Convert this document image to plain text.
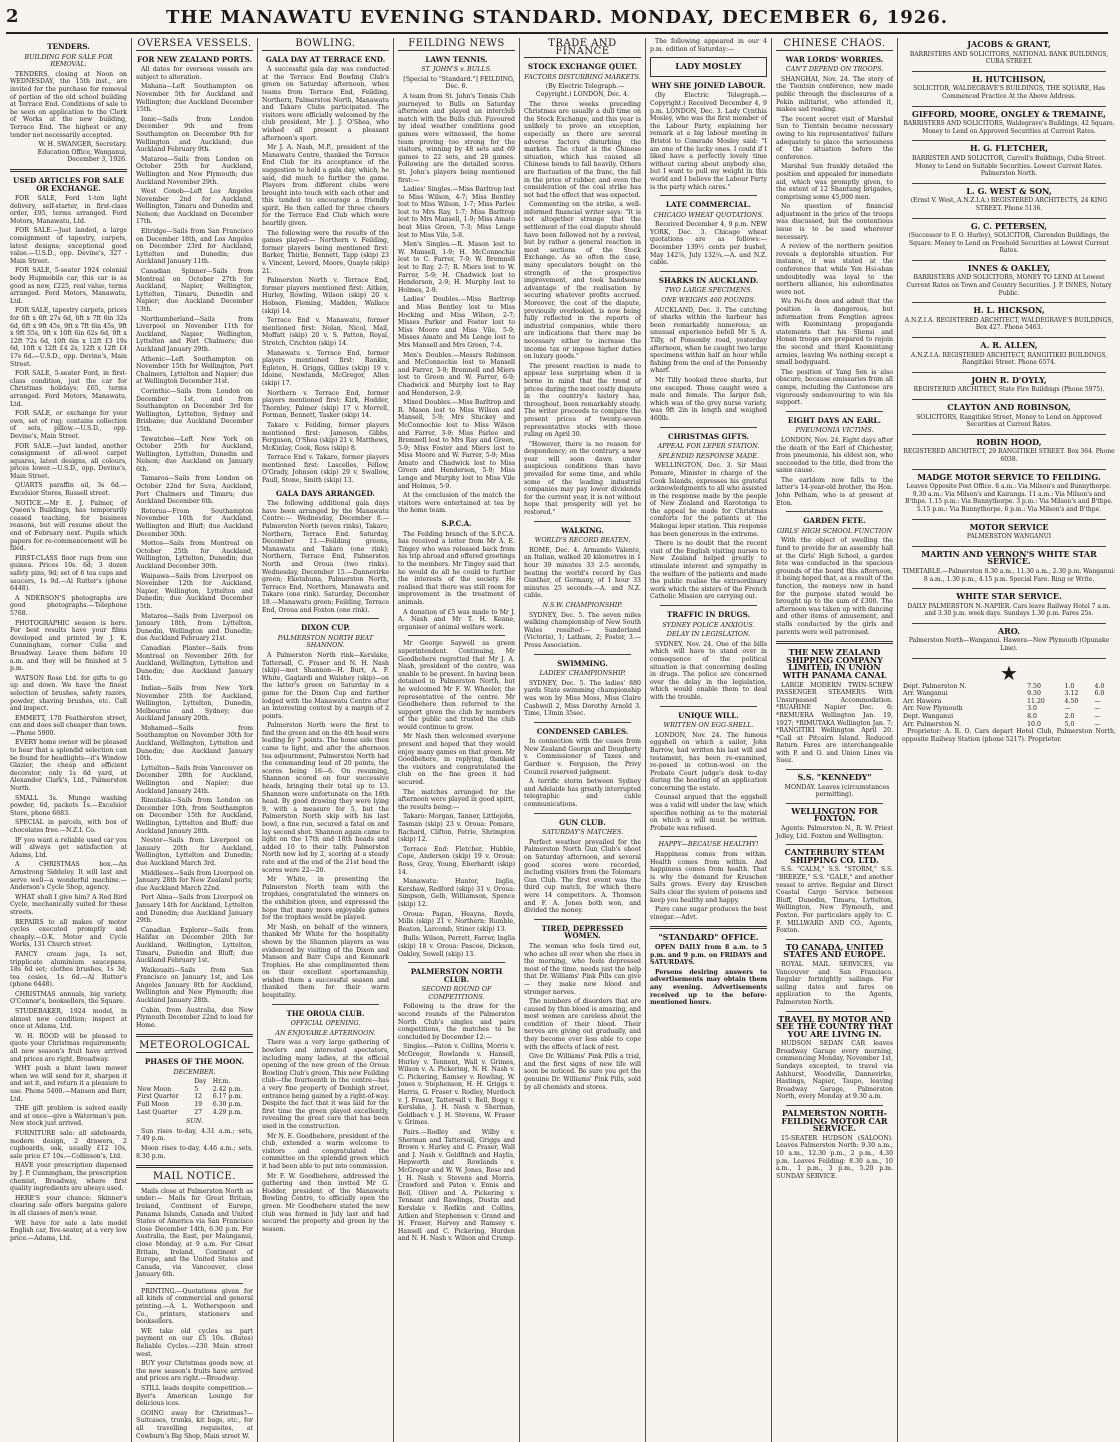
2	THE MANAWATU EVENING STANDARD. MONDAY, DECEMBER 6, 1926.
TENDERS.
BUILDING FOR SALE FOR REMOVAL.

TENDERS, closing at Noon on WEDNESDAY, the 15th inst., are invited for the purchase for removal of portion of the old school building at Terrace End. Conditions of sale to be seen on application to the Clerk of Works at the new building, Terrace End. The highest or any tender not necessarily accepted.

W. H. SWANGER, Secretary. Education Office, Wanganui, December 3, 1926.

USED ARTICLES FOR SALE OR EXCHANGE.

FOR SALE, Ford 1-ton light delivery, self-starter, in first-class order, £95, terms arranged. Ford Motors, Manawatu, Ltd.

FOR SALE.—Just landed, a large consignment of tapestry, carpets, latest designs; exceptional good value.—U.S.D., opp. Devine's, 327 - Main Street.

FOR SALE, 5-seater 1924 colonial body Hupmobile car, this car is as good as new, £225, real value, terms arranged. Ford Motors, Manawatu, Ltd.

FOR SALE, tapestry carpets, prices for 6ft x 6ft 27s 6d, 6ft x 7ft 6in 32s 6d, 6ft x 9ft 45s, 9ft x 7ft 6in 45s, 9ft x 9ft 55s, 9ft x 10ft 6in 62s 6d, 9ft x 12ft 72s 6d, 10ft 6in x 12ft £3 19s 6d, 10ft x 12ft £4 2s, 12ft x 12ft £4 17s 6d.—U.S.D., opp. Devine's, Main Street.

FOR SALE, 5-seater Ford, in first-class condition, just the car for Christmas holidays; £65, terms arranged. Ford Motors, Manawatu, Ltd.

FOR SALE, or exchange for your own, set of rug; contains collection of sets, pillow.—U.S.D., opp. Devine's, Main Street.

FOR SALE.—Just landed, another consignment of all-wool carpet squares, latest designs, all colours, prices lower.—U.S.D., opp. Devine's, Main Street.

QUARTS paraffin oil, 3s 6d.—Excelsior Stores, Russell street.

NOTICE.—Mr E. J. Palmer, of Queen's Buildings, has temporarily ceased teaching, for business reasons, but will resume about the end of February next. Pupils which papers for re-commencement will be filed.

FIRST-CLASS floor rugs from one guinea. Prices 10s. 6d; 3 dozen safety pins, 9d; set of 6 tea cups and saucers, 1s 9d.—Al Rutter's (phone 6448).

A NDERSON'S photographs are good photographs.—Telephone 5768.

PHOTOGRAPHIC season is here. For best results have your films developed and printed by J. K. Cunningham, corner Cuba and Broadway. Leave them before 10 a.m. and they will be finished at 5 p.m.

WATSON Rose Ltd. for gifts to go up and down. We have the finest selection of brushes, safety razors, powder, shaving brushes, etc. Call and inspect.

EMMETT, 170 Featherston street, can and does sell cheaper than town.—Phone 5900.

EVERY home owner will be pleased to hear that a splendid selection can be found for headlights—it's Window Glazier, the cheap and efficient decorator, only 1s 6d yard, at Alexander Clark's, Ltd., Palmerston North.

SMALL 3s. Mungo washing powder, 6d, packets 1s.—Excelsior Store, phone 6683.

SPECIAL in parcels, with box of chocolates free.—N.Z.I. Co.

IF you want a reliable used car you will always get satisfaction at Adams, Ltd.

A CHRISTMAS box.—An Armstrong Siddeley. It will last and serve well—a wonderful machine.—Anderson's Cycle Shop, agency.

WHAT shall I give him? A Red Bird Cycle, mechanically suited for these streets.

REPAIRS to all makes of motor cycles executed promptly and cheaply.—O.K. Motor and Cycle Works, 131 Church street.

FANCY cream jugs, 1s set, tripplicate aluminium saucepans, 18s 6d set; clothes brushes, 1s 3d; tea cosies, 1s 6d.—Al Rutter's (phone 6448).

CHRISTMAS annuals, big variety. O'Connor's, booksellers, the Square.

STUDEBAKER, 1924 model, in almost new condition; inspect at once at Adams, Ltd.

W. H. ROOD will be pleased to quote your Christmas requirements; all new season's fruit have arrived and prices are right. Broadway.

WHY push a blunt lawn mower when we will send for it, sharpen it and set it, and return it a pleasure to use. Phone 5400.—Manson and Barr, Ltd.

THE gift problem is solved easily and at once—give a Waterman's pen. New stock just arrived.

FURNITURE sale: all sideboards, modern design, 2 drawers, 2 cupboards, oak, usually £12 10s, sale price £7 10s.—Collinson's, Ltd.

HAVE your prescription dispensed by J. P. Cunningham, the prescription chemist, Broadway, where first quality ingredients are always used.

HERE'S your chance: Skinner's clearing sale offers bargains galore in all classes of men's wear.

WE have for sale a late model English car, five-seater, at a very low price.—Adams, Ltd.

OVERSEA VESSELS.
FOR NEW ZEALAND PORTS.

All dates for overseas vessels are subject to alteration.

Mahana—Left Southampton on November 5th for Auckland and Wellington; due Auckland December 15th.

Ionic—Sails from London December 9th and from Southampton on December 9th for Wellington and Auckland; due Auckland February 9th.

Mataroa—Sails from London on October 25th for Auckland, Wellington and New Plymouth; due Auckland November 29th.

West Conob—Left Los Angeles November 2nd for Auckland, Wellington, Timaru and Dunedin and Nelson; due Auckland on December 17th.

Eltridge—Sails from San Francisco on December 18th, and Los Angeles on December 23rd for Auckland, Lyttelton and Dunedin; due Auckland January 11th.

Canadian Spinner—Sails from Montreal on October 27th for Auckland, Napier, Wellington, Lyttelton, Timaru, Dunedin and Napier; due Auckland December 13th.

Northumberland—Sails from Liverpool on November 11th for Auckland, Napier, Wellington, Lyttelton and Port Chalmers; due Auckland January 29th.

Athenic—Left Southampton on November 15th for Wellington, Port Chalmers, Lyttelton and Napier; due at Wellington December 31st.

Corinthic—Sails from London on December 1st, and from Southampton on December 3rd for Wellington, Lyttelton, Sydney and Brisbane; due Auckland December 15th.

Tewatchee—Left New York on October 25th for Auckland, Wellington, Lyttelton, Dunedin and Nelson; due Auckland on January 6th.

Tamaroa—Sails from London on October 22nd for Suva, Auckland, Port Chalmers and Timaru; due Auckland December 6th.

Rotorua—From Southampton November 16th for Auckland, Wellington and Bluff; due Auckland December 30th.

Mottos—Sails from Montreal on October 25th for Auckland, Wellington, Lyttelton, Dunedin; due Auckland December 30th.

Waipawa—Sails from Liverpool on November 12th for Auckland, Napier, Wellington, Lyttelton and Dunedin; due Auckland December 15th.

Mataroa—Sails from Liverpool on January 18th, from Lyttelton, Dunedin, Wellington and Dunedin; due Auckland February 21st.

Canadian Planter—Sails from Montreal on November 26th for Auckland, Wellington, Lyttelton and Dunedin; due Auckland January 14th.

Indian—Sails from New York November 25th for Auckland, Wellington, Lyttelton, Dunedin, Melbourne and Sydney; due Auckland January 20th.

Mohamed—Sails from Southampton on November 30th for Auckland, Wellington, Lyttelton and Dunedin; due Auckland January 10th.

Lyttelton—Sails from Vancouver on December 28th for Auckland, Wellington and Napier; due Auckland January 24th.

Rimutaka—Sails from London on December 10th, from Southampton on December 15th for Auckland, Wellington, Lyttelton and Bluff; due Auckland January 28th.

Nestor—Sails from Liverpool on January 20th for Auckland, Wellington, Lyttelton and Dunedin; due Auckland March 3rd.

Middlesex—Sails from Liverpool on January 28th for New Zealand ports; due Auckland March 22nd.

Port Alma—Sails from Liverpool on January 14th for Auckland, Lyttelton and Dunedin; due Auckland January 29th.

Canadian Explorer—Sails from Halifax on December 20th for Auckland, Wellington, Lyttelton, Timaru, Dunedin and Bluff; due Auckland February 1st.

Waikouaiti—Sails from San Francisco on January 1st, and Los Angeles January 8th for Auckland, Wellington and New Plymouth; due Auckland January 28th.

Cabin, from Australia, due New Plymouth December 22nd to load for Home.

METEOROLOGICAL
PHASES OF THE MOON.
DECEMBER.
	Day	Hr.m.
New Moon	5	2.42 p.m.
First Quarter	12	6.17 p.m.
Full Moon	19	6.30 p.m.
Last Quarter	27	4.29 p.m.
SUN.

Sun rises to-day, 4.31 a.m.; sets, 7.49 p.m.

Moon rises to-day, 4.46 a.m.; sets, 8.30 p.m.

MAIL NOTICE.

Mails close at Palmerston North as under:— Mails for Great Britain, Ireland, Continent of Europe, Panama Islands, Canada and United States of America via San Francisco close December 14th, 6.30 p.m. For Australia, the East, per Maunganui, close Monday, at 9 a.m. For Great Britain, Ireland, Continent of Europe, and the United States and Canada, via Vancouver, close January 6th.

PRINTING.—Quotations given for all kinds of commercial and general printing.—A. L. Wotherspoon and Co., printers, stationers and booksellers.

WE take old cycles as part payment on our £5 10s. (Bates) Reliable Cycles.—230 Main street west.

BUY your Christmas goods now, at the new season's fruits have arrived and prices are right.—Broadway.

STILL leads despite competition.—Byer's American Lounge for delicious ices.

GOING away for Christmas?—Suitcases, trunks, kit bags, etc., for all travelling requisites, at Cowburn's Big Shop, Main street W.

BOWLING.
GALA DAY AT TERRACE END.

A successful gala day was conducted at the Terrace End Bowling Club's green on Saturday afternoon, when teams from Terrace End, Feilding, Northern, Palmerston North, Manawatu and Takaro Clubs participated. The visitors were officially welcomed by the club president, Mr J. J. O'Shea, who wished all present a pleasant afternoon's sport.

Mr J. A. Nash, M.P., president of the Manawatu Centre, thanked the Terrace End Club for its acceptance of the suggestion to hold a gala day, which, he said, did much to further the game. Players from different clubs were brought into touch with each other and this tended to encourage a friendly spirit. He then called for three cheers for the Terrace End Club which were heartily given.

The following were the results of the games played:— Northern v. Feilding, former players being mentioned first: Barker, Thirlie, Bennett, Tapp (skip) 23 v. Vincent, Leverd, Moore, Quayle (skip) 21.

Palmerston North v. Terrace End, former players mentioned first: Aitken, Hurley, Rowling, Wilson (skip) 20 v. Hobson, Fleming, Madden, Wallace (skip) 14.

Terrace End v. Manawatu, former mentioned first: Nolan, Nicol, Mail, Moffatt (skip) 20 v. S. Patton, Royal, Stretch, Crichton (skip) 14.

Manawatu v. Terrace End, former players mentioned first: Rankin, Egleton, H. Griggs, Gillies (skip) 19 v. Idoine, Newlands, McGregor, Allen (skip) 17.

Northern v. Terrace End, former players mentioned first: Kirk, Hodder, Thornley, Palmer (skip) 17 v. Morrell, Forman, Bennett, Tasker (skip) 14.

Takaro v. Feilding, former players mentioned first: Jameson, Gibbs, Ferguson, O'Shea (skip) 21 v. Matthews, McKinlay, Cook, Ross (skip) 8.

Terrace End v. Takaro, former players mentioned first: Lascelles, Fellow, O'Grady, Johnson (skip) 29 v. Swallow, Paull, Stone, Smith (skip) 13.

GALA DAYS ARRANGED.

The following additional gala days have been arranged by the Manawatu Centre:— Wednesday, December 8.—Palmerston North (seven rinks), Takaro, Northern, Terrace End. Saturday, December 11.—Feilding greens, Manawatu and Takaro (one rink); Northern, Terrace End, Palmerston North and Oroua (two rinks). Wednesday, December 15.—Dannevirke green; Eketahuna, Palmerston North, Terrace End, Northern, Manawatu and Takaro (one rink). Saturday, December 18.—Manawatu green; Feilding, Terrace End, Oroua and Foxton (one rink).

DIXON CUP.
PALMERSTON NORTH BEAT SHANNON.

A Palmerston North rink—Kerslake, Tattersall, C. Fraser and N. H. Nash (skip)—met Shannon—H. Burt, A. F. White, Gaglardi and Walshey (skip)—on the latter's green on Saturday in a game for the Dixon Cup and further lodged with the Manawatu Centre after an interesting contest by a margin of 2 points.

Palmerston North were the first to find the green and on the 4th head were leading by 7 points. The home side then came to light, and after the afternoon tea adjournment, Palmerston North had the commanding lead of 20 points, the scores being 16—6. On resuming, Shannon scored on four successive heads, bringing their total up to 13. Shannon were unfortunate on the 16th head. By good drawing they were lying 9, with a measure for 5, but the Palmerston North skip with his last bowl, a fine run, secured a fatal on and lay second shot. Shannon again came to light on the 17th and 18th heads and added 10 to their tally. Palmerston North now led by 2, scoring at a steady rate and at the end of the 21st head the scores were 22—20.

Mr White, in presenting the Palmerston North team with the trophies, congratulated the winners on the exhibition given, and expressed the hope that many more enjoyable games for the trophies would be played.

Mr Nash, on behalf of the winners, thanked Mr White for the hospitality shown by the Shannon players as was evidenced by visiting of the Dixon and Manson and Barr Cups and Kenmark Trophies. He also complimented them on their excellent sportsmanship, wished them a successful season and thanked them for their warm hospitality.

THE OROUA CLUB.
OFFICIAL OPENING.
AN ENJOYABLE AFTERNOON.

There was a very large gathering of bowlers and interested spectators, including many ladies, at the official opening of the new green of the Oroua Bowling Club's green. This new Feilding club—the fourteenth in the centre—has a very fine property of Denbigh street, entrance being gained by a right-of-way. Despite the fact that it was laid for the first time the green played excellently, revealing the great care that has been used in the construction.

Mr N. E. Goodbehere, president of the club, extended a warm welcome to visitors and congratulated the committee on the splendid green which it had been able to put into commission.

Mr F. W. Goodbehere, addressed the gathering and then invited Mr G. Hodder, president of the Manawatu Bowling Centre, to officially open the green. Mr Goodbehere stated the new club was formed in July last and had secured the property and green by the season.

FEILDING NEWS
LAWN TENNIS.
ST. JOHN'S v. BULLS.

[Special to "Standard."] FEILDING, Dec. 6.

A team from St. John's Tennis Club journeyed to Bulls on Saturday afternoon and played an interclub match with the Bulls club. Favoured by ideal weather conditions good games were witnessed, the home team proving too strong for the visitors, winning by 48 sets and 69 games to 22 sets, and 28 games. Following are the detailed scores. St. John's players being mentioned first:—

Ladies' Singles.—Miss Barltrop lost to Miss Wilson, 4-7; Miss Bentley lost to Miss Wilson, 1-7; Miss Parlee lost to Mrs Ray, 1-7; Miss Barltrop lost to Mrs Mansell, 1-9; Miss Amato beat Miss Green, 7-3; Miss Lenge lost to Miss Vile, 5-8.

Men's Singles.—R. Mason lost to W. Mansell, 1-9; H. McConnochie lost to C. Farrer, 7-9; W. Bremnell lost to Ray, 2-7; R. Miers lost to W. Farrer, 5-9; H. Chadwick lost to Henderson, 2-9; H. Murphy lost to Holmes, 2-9.

Ladies' Doubles.—Miss Barltrop and Miss Bentley lost to Miss Hocking and Miss Wilson, 2-7; Misses Parker and Foster lost to Miss Moore and Miss Vile, 5-9; Misses Amato and Ms Lenge lost to Mrs Mansell and Mrs Green, 7-4.

Men's Doubles.—Messrs Robinson and McConnochie lost to Mansell and Farrer, 3-9; Bremnell and Miers lost to Green and W. Farrer, 6-9; Chadwick and Murphy lost to Ray and Henderson, 2-9.

Mixed Doubles.—Miss Barltrop and R. Mason lost to Miss Wilson and Mansell, 5-9; Mrs Stuckey and McConnochie lost to Miss Wilson and Farrer, 3-9; Miss Parlee and Bremnell lost to Mrs Ray and Green, 5-9; Miss Foster and Miers lost to Miss Moore and W. Farrer, 5-9; Miss Amato and Chadwick lost to Miss Green and Henderson, 5-9; Miss Lenge and Murphy lost to Miss Vile and Holmes, 5-9.

At the conclusion of the match the visitors were entertained at tea by the home team.

S.P.C.A.

The Feilding branch of the S.P.C.A. has received a letter from Mr A. E. Tingey who was released back from his trip abroad and offered greetings to the members. Mr Tingey said that he would do all he could to further the interests of the society. He realised that there was still room for improvement in the treatment of animals.

A donation of £5 was made to Mr J. A. Nash and Mr T. H. Keane, organiser of animal welfare work.

Mr George Saywell as green superintendent. Continuing, Mr Goodbehere regretted that Mr J. A. Nash, president of the centre, was unable to be present. In having been detained in Palmerston North, but he welcomed Mr F. W. Wheeler, the representative of the centre. Mr Goodbehere then referred to the support given the club by members of the public and trusted the club would continue to grow.

Mr Nash then welcomed everyone present and hoped that they would enjoy many games on that green. Mr Goodbehere, in replying, thanked the visitors and congratulated the club on the fine green it had secured.

The matches arranged for the afternoon were played in good spirit, the results being:—

Takaro: Morgan, Tanner, Littlejohn, Tasman (skip) 23 v. Oroua: Pomare, Rachard, Clifton, Petrie, Shrimpton (skip) 12.

Terrace End: Fletcher, Hubble, Cope, Anderson (skip) 19 v. Oroua: Ross, Gray, Young, Eberhardt (skip) 14.

Manawatu: Hunter, Inglis, Kershaw, Redford (skip) 31 v. Oroua: Simpson, Gelb, Williamson, Spence (skip) 12.

Oroua: Pagan, Heayns, Royds, Mills (skip) 21 v. Northern: Rumble, Beaton, Larcomb, Stiner (skip) 13.

Bulls: Wilson, Perrett, Farrer, Inglis (skip) 18 v. Oroua: Pascoe, Dickson, Oakley, Sowell (skip) 13.

PALMERSTON NORTH CLUB.
SECOND ROUND OF COMPETITIONS.

Following is the draw for the second rounds of the Palmerston North Club's singles and pairs competitions, the matches to be concluded by December 12:—

Singles.—Paton v. Collins, Morris v. McGregor, Rowlands v. Hansell, Hurley v. Tennent, Wall v. Grimes, Wilson v. A. Pickering, N. H. Nash v. C. Pickering, Ramsey v. Rowling, W. Jones v. Stephenson, H. H. Griggs v. Harris, G. Fraser v. Rodley, Murdoch v. J. Fraser, Tattersall v. Bell, Bogg v. Kerslake, J. H. Nash v. Sherman, Goldbach v. J. H. Stevens, W. Fraser v. Grimes.

Pairs.—Rodley and Wilby v. Sherman and Tattersall, Griggs and Brown v. Hurley and C. Fraser, Wall and J. Nash v. Goldfinch and Haylis, Hepworth and Rowlands v. McGregor and W. W. Jones, Rose and J. H. Nash v. Stevens and Morris, Crawford and Paton v. Ennis and Bell, Oliver and A. Pickering v. Tennant and Rawlings, Dustin and Kerslake v. Rodkin and Collins, Aitken and Stephenson v. Grand and H. Fraser, Harvey and Ramsey v. Hansell and C. Pickering, Hurden and N. H. Nash v. Wilson and Crump.

TRADE AND FINANCE
STOCK EXCHANGE QUIET.
FACTORS DISTURBING MARKETS.

(By Electric Telegraph.—Copyright.) LONDON, Dec. 4.

The three weeks preceding Christmas are usually a dull time on the Stock Exchange, and this year is unlikely to prove an exception, especially as there are several adverse factors disturbing the markets. The chief is the Chinese situation, which has caused all Chinese bonds to fall heavily. Others are fluctuation of the franc, the fall in the price of rubber, and even the consideration of the coal strike has not had the effect that was expected.

Commenting on the strike, a well-informed financial writer says: "It is not altogether strange that the settlement of the coal dispute should have been followed not by a revival, but by rather a general reaction in most sections of the Stock Exchange. As so often the case, many speculators bought on the strength of the prospective improvement, and took handsome advantage of the realisation by securing whatever profits accrued. Moreover, the cost of the dispute, previously overlooked, is now being fully reflected in the reports of industrial companies, while there are indications that there may be necessary either to increase the income tax or impose higher duties on luxury goods."

The present reaction is made to appear less surprising when it is borne in mind that the trend of prices during the most costly dispute in the country's history has, throughout, been remarkably steady. The writer proceeds to compare the present prices of twenty-seven representative stocks with those ruling on April 30.

"However, there is no reason for despondency; on the contrary, a new year will soon dawn under auspicious conditions than have prevailed for some time, and while some of the leading industrial companies may pay lower dividends for the current year, it is not without hope that prosperity will yet be restored."

WALKING.
WORLD'S RECORD BEATEN.

ROME, Dec. 4. Armando Valente, an Italian, walked 20 kilometres in 1 hour 39 minutes 33 2-5 seconds, beating the world's record by Gus Gunther, of Germany, of 1 hour 33 minutes 25 seconds.—A. and N.Z. cable.

N.S.W. CHAMPIONSHIP.

SYDNEY, Dec. 5. The seven miles walking championship of New South Wales resulted:— Sunderland (Victoria), 1; Latham, 2; Foster, 3.—Press Association.

SWIMMING.
LADIES' CHAMPIONSHIP.

SYDNEY, Dec. 5. The ladies' 880 yards State swimming championship was won by Miss Moss, Miss Claire Cashwell 2, Miss Dorothy Arnold 3. Time, 13min 35sec.

CONDENSED CABLES.

In connection with the cases from New Zealand George and Dougherty v. Commissioner of Taxes and Gardner v. Ferguson, the Privy Council reserved judgment.

A terrific storm between Sydney and Adelaide has greatly interrupted telegraphic and cable communications.

GUN CLUB.
SATURDAY'S MATCHES.

Perfect weather prevailed for the Palmerston North Gun Club's shoot on Saturday afternoon, and several good scores were recorded, including visitors from the Tolomaru Gun Club. The first event was the third cup match, for which there were 14 competitors. A. Thomson and F. A. Jones both won, and divided the money.

TIRED, DEPRESSED WOMEN.

The woman who feels tired out, who aches all over when she rises in the morning, who feels depressed most of the time, needs just the help that Dr. Williams' Pink Pills can give — they make new blood and stronger nerves.

The numbers of disorders that are caused by thin blood is amazing, and most women are careless about the condition of their blood. Their nerves are giving out gradually, and they become ever less able to cope with the effects of lack of rest.

Give Dr. Williams' Pink Pills a trial, and the first signs of new life will soon be noticed. Be sure you get the genuine Dr. Williams' Pink Pills, sold by all chemists and stores.

The following appeared in our 4 p.m. edition of Saturday:—

LADY MOSLEY
WHY SHE JOINED LABOUR.

(By Electric Telegraph.—Copyright.) Received December 4, 9 p.m. LONDON, Dec. 3. Lady Cynthia Mosley, who was the first member of the Labour Party, explaining her remark at a big labour meeting in Bristol to Comrade Mosley said: "I am one of the lucky ones. I could if I liked have a perfectly lovely time without caring about anybody else, but I want to pull my weight in this world and I believe the Labour Party is the party which cares."

LATE COMMERCIAL.
CHICAGO WHEAT QUOTATIONS.

Received December 4, 9 p.m. NEW YORK, Dec. 3. Chicago wheat quotations are as follows:—December 139½ cents per bushel, May 142⅞, July 132¼.—A. and N.Z. cable.

SHARKS IN AUCKLAND.
TWO LARGE SPECIMENS.
ONE WEIGHS 460 POUNDS.

AUCKLAND, Dec. 3. The catching of sharks within the harbour has been remarkably numerous; an unusual experience befell Mr S. A. Tilly, of Ponsonby road, yesterday afternoon, when he caught two large specimens within half an hour while fishing from the end of the Ponsonby wharf.

Mr Tilly hooked three sharks, but one escaped. Those caught were a male and female. The larger fish, which was of the grey nurse variety, was 9ft 2in in length and weighed 460lb.

CHRISTMAS GIFTS.
APPEAL FOR LEPER STATION.
SPLENDID RESPONSE MADE.

WELLINGTON, Dec. 3. Sir Maui Pomare, Minister in charge of the Cook Islands, expresses his grateful acknowledgments to all who assisted in the response made by the people of New Zealand and Rarotonga to the appeal he made for Christmas comforts for the patients at the Makogai leper station. This response has been generous in the extreme.

There is no doubt that the recent visit of the English visiting nurses to New Zealand helped greatly to stimulate interest and sympathy in the welfare of the patients and made the public realise the extraordinary work which the sisters of the French Catholic Mission are carrying out.

TRAFFIC IN DRUGS.
SYDNEY POLICE ANXIOUS.
DELAY IN LEGISLATION.

SYDNEY, Nov. 24. One of the bills which will have to stand over in consequence of the political situation is that concerning dealing in drugs. The police are concerned over the delay in the legislation, which would enable them to deal with the trouble.

UNIQUE WILL.
WRITTEN ON EGG-SHELL.

LONDON, Nov. 24. The famous eggshell on which a sailor, John Barrow, had written his last will and testament, has been re-examined, re-posed in cotton-wool on the Probate Court judge's desk to-day during the hearing of an application concerning the estate.

Counsel argued that the eggshell was a valid will under the law, which specifies nothing as to the material on which a will must be written. Probate was refused.

HAPPY—BECAUSE HEALTHY!

Happiness comes from within. Health comes from within. And happiness comes from health. That is why the demand for Kruschen Salts grows. Every day Kruschen Salts clear the system of poisons and keep you healthy and happy.

Pure cane sugar produces the best vinegar.—Advt.

"STANDARD" OFFICE.

OPEN DAILY from 8 a.m. to 5 p.m. and 9 p.m. on FRIDAYS and SATURDAYS.

Persons desiring answers to advertisements may obtain them any evening. Advertisements received up to the before-mentioned hours.

CHINESE CHAOS.
WAR LORDS' WORRIES.
CAN'T DEPEND ON TROOPS.

SHANGHAI, Nov. 24. The story of the Tientsin conference, now made public through the disclosures of a Pekin militarist, who attended it, makes sad reading.

The recent secret visit of Marshal Sun to Tientsin became necessary owing to his representatives' failure adequately to place the seriousness of the situation before the conference.

Marshal Sun frankly detailed the position and appealed for immediate aid, which was promptly given, to the extent of 12 Shantung brigades, comprising some 45,000 men.

No question of financial adjustment in the price of the troops was discussed, but the contentious issue is to be used wherever necessary.

A review of the northern position reveals a deplorable situation. For instance, it was stated at the conference that while Yen Hsi-shan undoubtedly was loyal to the northern alliance, his subordinates were not.

Wu Pei-fu does and admit that the position is dangerous, but information from Fengtien agrees with Kuomintang propaganda statements that his Shensi and Honan troops are prepared to rejoin the second and third Kuomintang armies, leaving Wu nothing except a small bodyguard.

The position of Yang Sen is also obscure, because emissaries from all camps, including the Cantonese are vigorously endeavouring to win his support.

EIGHT DAYS AN EARL.
PNEUMONIA VICTIMS.

LONDON, Nov. 24. Eight days after the death of the Earl of Chichester, from pneumonia, his eldest son, who succeeded to the title, died from the same cause.

The earldom now falls to the latter's 14-year-old brother, the Hon. John Pelham, who is at present at Eton.

GARDEN FETE.
GIRLS' HIGH SCHOOL FUNCTION

With the object of swelling the fund to provide for an assembly hall at the Girls' High School, a garden fete was conducted in the spacious grounds of the board this afternoon, it being hoped that, as a result of the function, the moneys now in hand for the purpose stated would be brought up to the sum of £300. The afternoon was taken up with dancing and other items of amusement, and stalls conducted by the girls and parents were well patronised.

THE NEW ZEALAND SHIPPING COMPANY LIMITED, IN UNION WITH PANAMA CANAL

LARGE MODERN TWIN-SCREW PASSENGER STEAMERS. With Unsurpassed Accommodation. *RUAHINE Napier Dec. 6; *REMUERA Wellington Jan. 19, 1927; *RIMUTAKA Wellington Jan. 7; *RANGITIKI Wellington April 20. *Call at Pitcairn Island. Reduced Return Fares are interchangeable with P. and O. and Union Lines via Suez.

S.S. "KENNEDY"

MONDAY. Leaves (circumstances permitting).

WELLINGTON FOR FOXTON.

Agents: Palmerston N., R. W. Priest Jolley, Ltd. Foxton and Wellington.

CANTERBURY STEAM SHIPPING CO. LTD.

S.S. "CALM," S.S. "STORM," S.S. "BREEZE," S.S. "GALE," and another vessel to arrive. Regular and Direct Coastal Cargo Service between Bluff, Dunedin, Timaru, Lyttelton, Wellington, New Plymouth, and Foxton. For particulars apply to: C. F. MILLWARD AND CO., Agents, Foxton.

TO CANADA, UNITED STATES AND EUROPE.

ROYAL MAIL SERVICES, via Vancouver and San Francisco. Regular fortnightly sailings. For sailing dates and fares on application to the Agents, Palmerston North.

TRAVEL BY MOTOR AND SEE THE COUNTRY THAT YOU ARE LIVING IN.

HUDSON SEDAN CAR leaves Broadway Garage every morning, commencing Monday, November 1st, Sundays excepted, to travel via Ashhurst, Woodville, Dannevirke, Hastings, Napier, Taupo, leaving Broadway Garage, Palmerston North, every Monday at 9.30 a.m.

PALMERSTON NORTH-FEILDING MOTOR CAR SERVICE.

15-SEATER HUDSON (SALOON). Leaves Palmerston North: 9.30 a.m., 10 a.m., 12.30 p.m., 2 p.m., 4.30 p.m. Leaves Feilding: 8.30 a.m., 10 a.m., 1 p.m., 3 p.m., 5.20 p.m. SUNDAY SERVICE.

JACOBS & GRANT,
BARRISTERS AND SOLICITORS, NATIONAL BANK BUILDINGS, CUBA STREET.
H. HUTCHISON,
SOLICITOR, WALDEGRAVE'S BUILDINGS, THE SQUARE, Has Commenced Practice At the Above Address.
GIFFORD, MOORE, ONGLEY & TREMAINE,
BARRISTERS AND SOLICITORS, Waldegrave's Buildings, 42 Square. Money to Lend on Approved Securities at Current Rates.
H. G. FLETCHER,
BARRISTER AND SOLICITOR, Carroll's Buildings, Cuba Street. Money to Lend on Suitable Securities. Lowest Current Rates. Palmerston North.
L. G. WEST & SON,
(Ernst V. West, A.N.Z.I.A.) REGISTERED ARCHITECTS, 24 KING STREET. Phone 5136.
G. C. PETERSEN,
(Successor to F. O. Hurley), SOLICITOR, Clarendon Buildings, the Square. Money to Lend on Freehold Securities at Lowest Current Rates.
INNES & OAKLEY,
BARRISTERS AND SOLICITORS, MONEY TO LEND At Lowest Current Rates on Town and Country Securities. J. P. INNES, Notary Public.
H. L. HICKSON,
A.N.Z.I.A. REGISTERED ARCHITECT, WALDEGRAVE'S BUILDINGS, Box 427. Phone 5463.
A. R. ALLEN,
A.N.Z.I.A. REGISTERED ARCHITECT, RANGITIKEI BUILDINGS, Rangitikei Street. Phone 6574.
JOHN R. D'OYLY,
REGISTERED ARCHITECT, State Fire Buildings (Phone 5975).
CLAYTON AND ROBINSON,
SOLICITORS, Rangitikei Street, Money to Lend on Approved Securities at Current Rates.
ROBIN HOOD,
REGISTERED ARCHITECT, 29 RANGITIKEI STREET. Box 364. Phone 6038.
MADGE MOTOR SERVICE TO FEILDING.
Leaves Opposite Post Office. 8 a.m.: Via Milson's and Bunnythorpe. 9.30 a.m.: Via Milson's and Kairanga. 11 a.m.: Via Milson's and B'thpe. 1.15 p.m.: Via Bunnythorpe. 3 p.m.: Via Milson's and B'thpe. 5.15 p.m.: Via Bunnythorpe. 6 p.m.: Via Milson's and B'thpe.
MOTOR SERVICE
PALMERSTON WANGANUI
MARTIN AND VERNON'S WHITE STAR SERVICE.
TIMETABLE.—Palmerston 8.30 a.m., 11.30 a.m., 2.30 p.m. Wanganui: 8 a.m., 1.30 p.m., 4.15 p.m. Special Fare. Ring or Write.
WHITE STAR SERVICE.
DAILY PALMERSTON N.-NAPIER. Cars leave Railway Hotel 7 a.m. and 3.30 p.m. week days. Sundays 1.30 p.m. Fares 25s.
ARO.
Palmerston North—Wanganui. Hawera—New Plymouth (Opunake Line).
★
Dept. Palmerston N.	7.50	1.0	4.0
Arr. Wanganui	9.30	3.12	6.0
Arr. Hawera	11.20	4.50	—
Arr. New Plymouth	3.0	—	—
Dept. Wanganui	8.0	2.0	—
Arr. Palmerston N.	10.0	5.0	—

Proprietor: A. R. O. Cars depart Hotel Club, Palmerston North, opposite Railway Station (phone 5217). Proprietor.
